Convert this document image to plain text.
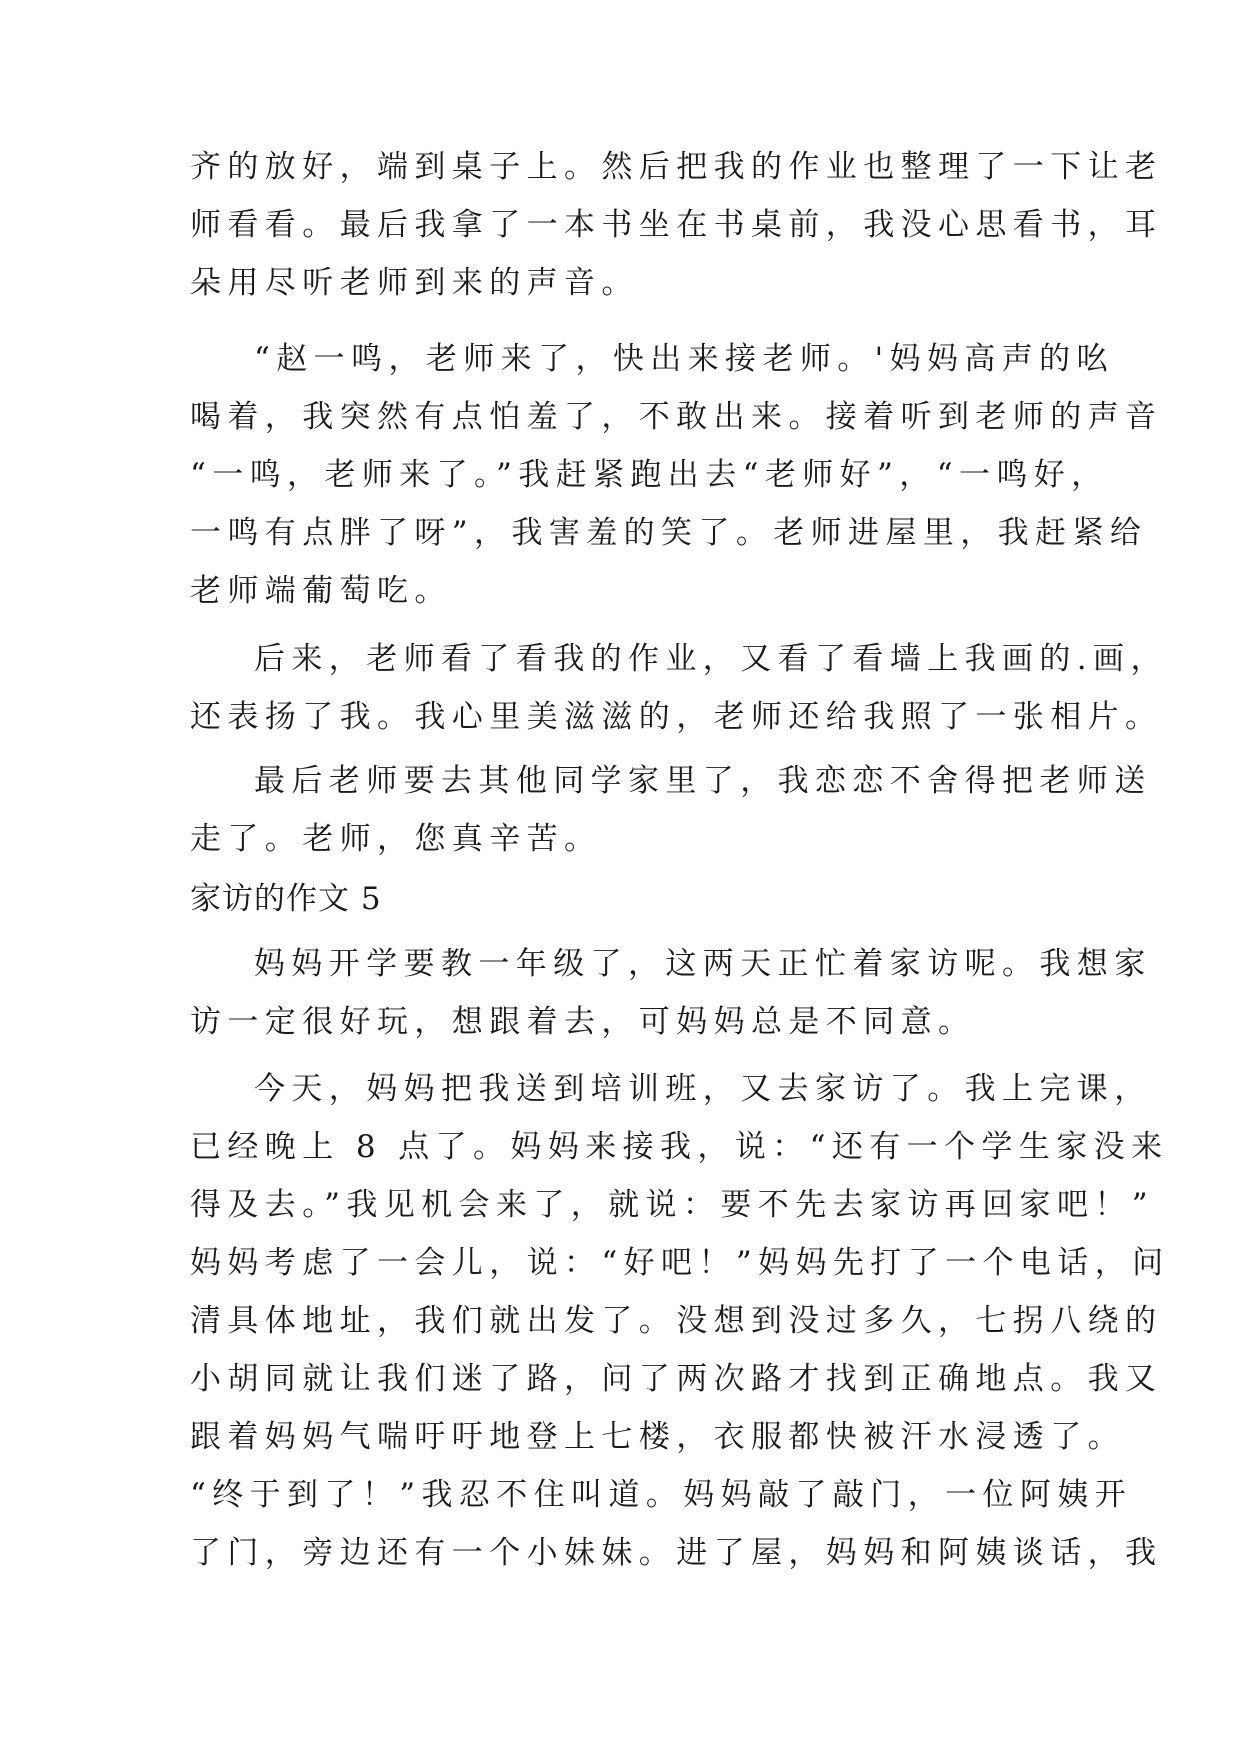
齐的放好，端到桌子上。然后把我的作业也整理了一下让老
师看看。最后我拿了一本书坐在书桌前，我没心思看书，耳
朵用尽听老师到来的声音。
“赵一鸣，老师来了，快出来接老师。'妈妈高声的吆
喝着，我突然有点怕羞了，不敢出来。接着听到老师的声音
“一鸣，老师来了。”我赶紧跑出去“老师好”，“一鸣好，
一鸣有点胖了呀”，我害羞的笑了。老师进屋里，我赶紧给
老师端葡萄吃。
后来，老师看了看我的作业，又看了看墙上我画的.画，
还表扬了我。我心里美滋滋的，老师还给我照了一张相片。
最后老师要去其他同学家里了，我恋恋不舍得把老师送
走了。老师，您真辛苦。
家访的作文 5
妈妈开学要教一年级了，这两天正忙着家访呢。我想家
访一定很好玩，想跟着去，可妈妈总是不同意。
今天，妈妈把我送到培训班，又去家访了。我上完课，
已经晚上 8 点了。妈妈来接我，说：“还有一个学生家没来
得及去。”我见机会来了，就说：要不先去家访再回家吧！”
妈妈考虑了一会儿，说：“好吧！”妈妈先打了一个电话，问
清具体地址，我们就出发了。没想到没过多久，七拐八绕的
小胡同就让我们迷了路，问了两次路才找到正确地点。我又
跟着妈妈气喘吁吁地登上七楼，衣服都快被汗水浸透了。
“终于到了！”我忍不住叫道。妈妈敲了敲门，一位阿姨开
了门，旁边还有一个小妹妹。进了屋，妈妈和阿姨谈话，我
